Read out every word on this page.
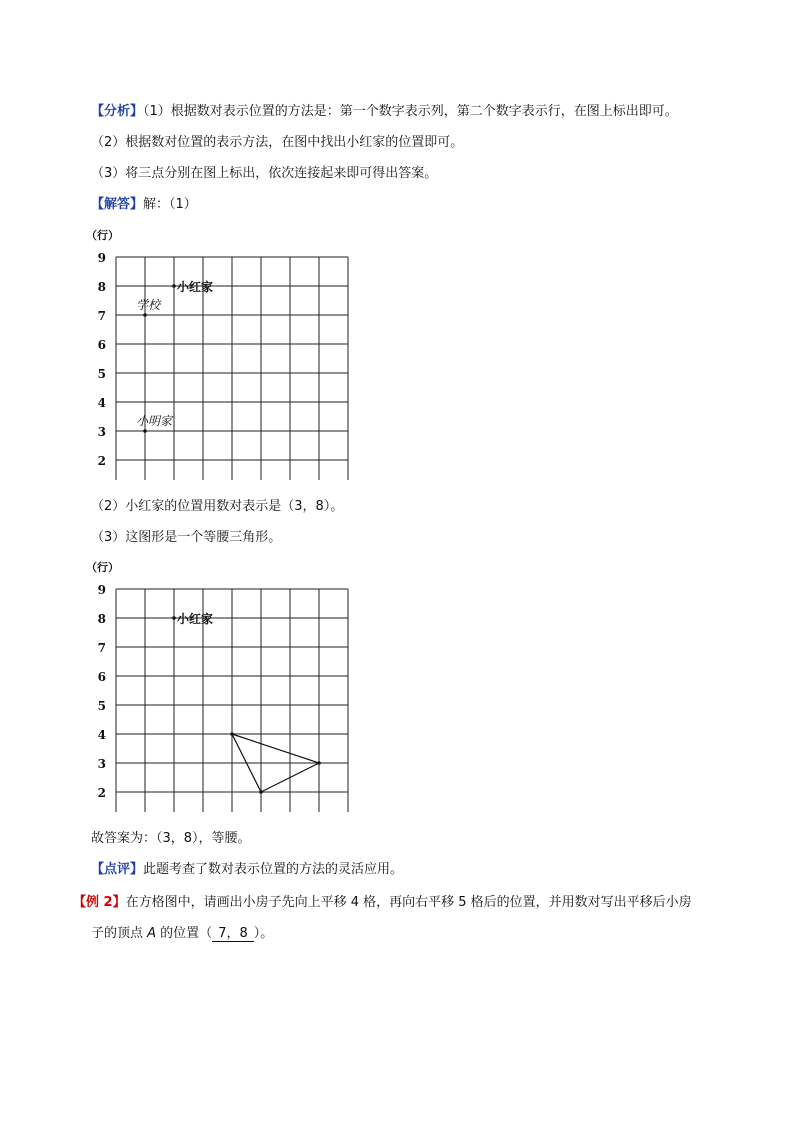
【分析】（1）根据数对表示位置的方法是：第一个数字表示列，第二个数字表示行，在图上标出即可。
（2）根据数对位置的表示方法，在图中找出小红家的位置即可。
（3）将三点分别在图上标出，依次连接起来即可得出答案。
【解答】解：（1）
（行）
2
3
4
5
6
7
8
9
小红家
学校
小明家
（2）小红家的位置用数对表示是（3，8）。
（3）这图形是一个等腰三角形。
（行）
2
3
4
5
6
7
8
9
小红家
故答案为：（3，8），等腰。
【点评】此题考查了数对表示位置的方法的灵活应用。
【例 2】在方格图中，请画出小房子先向上平移 4 格，再向右平移 5 格后的位置，并用数对写出平移后小房
子的顶点 A 的位置（ 7，8 ）。
